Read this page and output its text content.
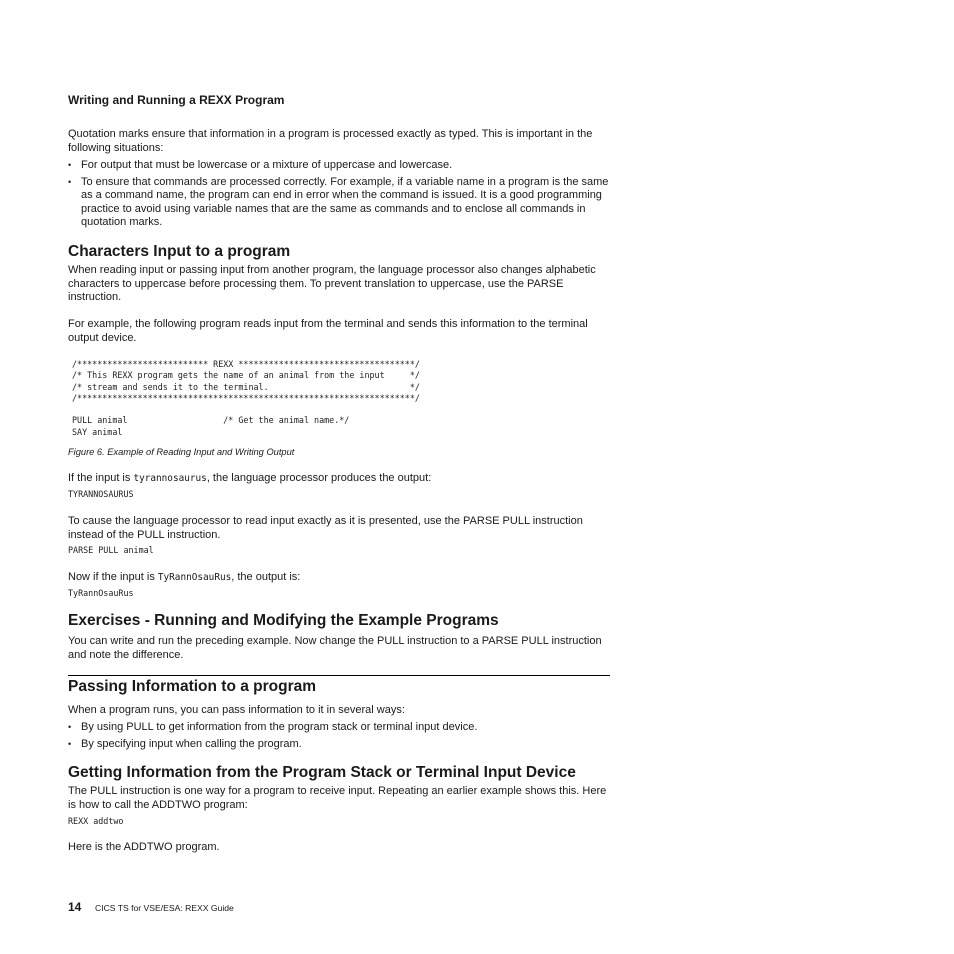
Writing and Running a REXX Program

Quotation marks ensure that information in a program is processed exactly as typed. This is important in the following situations:

• For output that must be lowercase or a mixture of uppercase and lowercase.
• To ensure that commands are processed correctly. For example, if a variable name in a program is the same as a command name, the program can end in error when the command is issued. It is a good programming practice to avoid using variable names that are the same as commands and to enclose all commands in quotation marks.
Characters Input to a program

When reading input or passing input from another program, the language processor also changes alphabetic characters to uppercase before processing them. To prevent translation to uppercase, use the PARSE instruction.

For example, the following program reads input from the terminal and sends this information to the terminal output device.

/************************** REXX ***********************************/
/* This REXX program gets the name of an animal from the input     */
/* stream and sends it to the terminal.                            */
/*******************************************************************/

PULL animal                   /* Get the animal name.*/
SAY animal
Figure 6. Example of Reading Input and Writing Output

If the input is tyrannosaurus, the language processor produces the output:

TYRANNOSAURUS

To cause the language processor to read input exactly as it is presented, use the PARSE PULL instruction instead of the PULL instruction.

PARSE PULL animal

Now if the input is TyRannOsauRus, the output is:

TyRannOsauRus
Exercises - Running and Modifying the Example Programs

You can write and run the preceding example. Now change the PULL instruction to a PARSE PULL instruction and note the difference.

Passing Information to a program

When a program runs, you can pass information to it in several ways:

• By using PULL to get information from the program stack or terminal input device.
• By specifying input when calling the program.
Getting Information from the Program Stack or Terminal Input Device

The PULL instruction is one way for a program to receive input. Repeating an earlier example shows this. Here is how to call the ADDTWO program:

REXX addtwo

Here is the ADDTWO program.

14 CICS TS for VSE/ESA: REXX Guide
